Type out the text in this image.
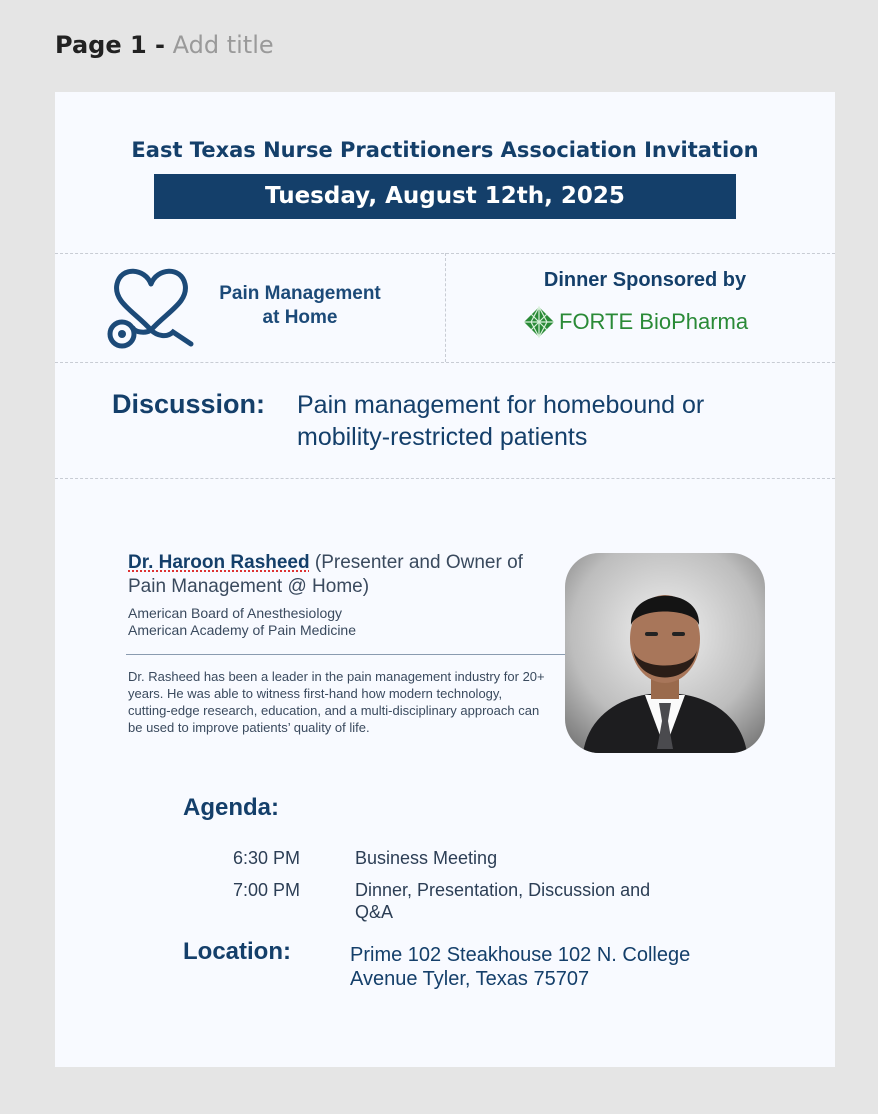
Page 1 - Add title
East Texas Nurse Practitioners Association Invitation
Tuesday, August 12th, 2025
Pain Management
at Home
Dinner Sponsored by
FORTE BioPharma
Discussion: Pain management for homebound or mobility-restricted patients
Dr. Haroon Rasheed (Presenter and Owner of Pain Management @ Home)
American Board of Anesthesiology
American Academy of Pain Medicine
Dr. Rasheed has been a leader in the pain management industry for 20+ years. He was able to witness first-hand how modern technology, cutting-edge research, education, and a multi-disciplinary approach can be used to improve patients’ quality of life.
Agenda:
6:30 PM	Business Meeting
7:00 PM	Dinner, Presentation, Discussion and Q&A
Location:	Prime 102 Steakhouse 102 N. College Avenue Tyler, Texas 75707
